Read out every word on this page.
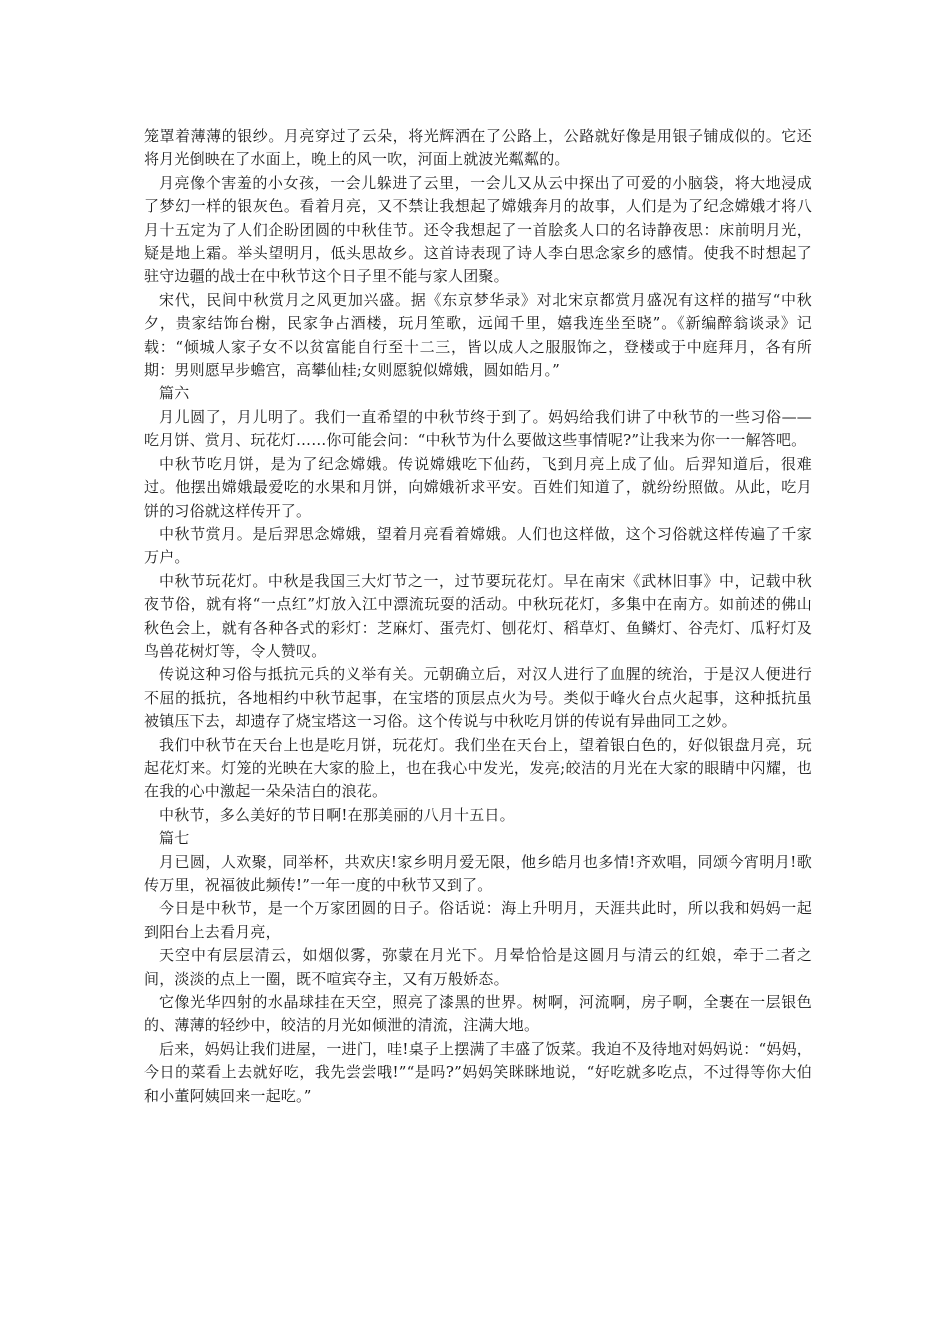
笼罩着薄薄的银纱。月亮穿过了云朵，将光辉洒在了公路上，公路就好像是用银子铺成似的。它还将月光倒映在了水面上，晚上的风一吹，河面上就波光粼粼的。

月亮像个害羞的小女孩，一会儿躲进了云里，一会儿又从云中探出了可爱的小脑袋，将大地浸成了梦幻一样的银灰色。看着月亮，又不禁让我想起了嫦娥奔月的故事，人们是为了纪念嫦娥才将八月十五定为了人们企盼团圆的中秋佳节。还令我想起了一首脍炙人口的名诗静夜思：床前明月光，疑是地上霜。举头望明月，低头思故乡。这首诗表现了诗人李白思念家乡的感情。使我不时想起了驻守边疆的战士在中秋节这个日子里不能与家人团聚。

宋代，民间中秋赏月之风更加兴盛。据《东京梦华录》对北宋京都赏月盛况有这样的描写“中秋夕，贵家结饰台榭，民家争占酒楼，玩月笙歌，远闻千里，嬉我连坐至晓”。《新编醉翁谈录》记载：“倾城人家子女不以贫富能自行至十二三，皆以成人之服服饰之，登楼或于中庭拜月，各有所期：男则愿早步蟾宫，高攀仙桂;女则愿貌似嫦娥，圆如皓月。”

篇六

月儿圆了，月儿明了。我们一直希望的中秋节终于到了。妈妈给我们讲了中秋节的一些习俗——吃月饼、赏月、玩花灯……你可能会问：“中秋节为什么要做这些事情呢?”让我来为你一一解答吧。

中秋节吃月饼，是为了纪念嫦娥。传说嫦娥吃下仙药，飞到月亮上成了仙。后羿知道后，很难过。他摆出嫦娥最爱吃的水果和月饼，向嫦娥祈求平安。百姓们知道了，就纷纷照做。从此，吃月饼的习俗就这样传开了。

中秋节赏月。是后羿思念嫦娥，望着月亮看着嫦娥。人们也这样做，这个习俗就这样传遍了千家万户。

中秋节玩花灯。中秋是我国三大灯节之一，过节要玩花灯。早在南宋《武林旧事》中，记载中秋夜节俗，就有将“一点红”灯放入江中漂流玩耍的活动。中秋玩花灯，多集中在南方。如前述的佛山秋色会上，就有各种各式的彩灯：芝麻灯、蛋壳灯、刨花灯、稻草灯、鱼鳞灯、谷壳灯、瓜籽灯及鸟兽花树灯等，令人赞叹。

传说这种习俗与抵抗元兵的义举有关。元朝确立后，对汉人进行了血腥的统治，于是汉人便进行不屈的抵抗，各地相约中秋节起事，在宝塔的顶层点火为号。类似于峰火台点火起事，这种抵抗虽被镇压下去，却遗存了烧宝塔这一习俗。这个传说与中秋吃月饼的传说有异曲同工之妙。

我们中秋节在天台上也是吃月饼，玩花灯。我们坐在天台上，望着银白色的，好似银盘月亮，玩起花灯来。灯笼的光映在大家的脸上，也在我心中发光，发亮;皎洁的月光在大家的眼睛中闪耀，也在我的心中激起一朵朵洁白的浪花。

中秋节，多么美好的节日啊!在那美丽的八月十五日。

篇七

月已圆，人欢聚，同举杯，共欢庆!家乡明月爱无限，他乡皓月也多情!齐欢唱，同颂今宵明月!歌传万里，祝福彼此频传!”一年一度的中秋节又到了。

今日是中秋节，是一个万家团圆的日子。俗话说：海上升明月，天涯共此时，所以我和妈妈一起到阳台上去看月亮，

天空中有层层清云，如烟似雾，弥蒙在月光下。月晕恰恰是这圆月与清云的红娘，牵于二者之间，淡淡的点上一圈，既不喧宾夺主，又有万般娇态。

它像光华四射的水晶球挂在天空，照亮了漆黑的世界。树啊，河流啊，房子啊，全裹在一层银色的、薄薄的轻纱中，皎洁的月光如倾泄的清流，注满大地。

后来，妈妈让我们进屋，一进门，哇!桌子上摆满了丰盛了饭菜。我迫不及待地对妈妈说：“妈妈，今日的菜看上去就好吃，我先尝尝哦!”“是吗?”妈妈笑眯眯地说，“好吃就多吃点，不过得等你大伯和小董阿姨回来一起吃。”
